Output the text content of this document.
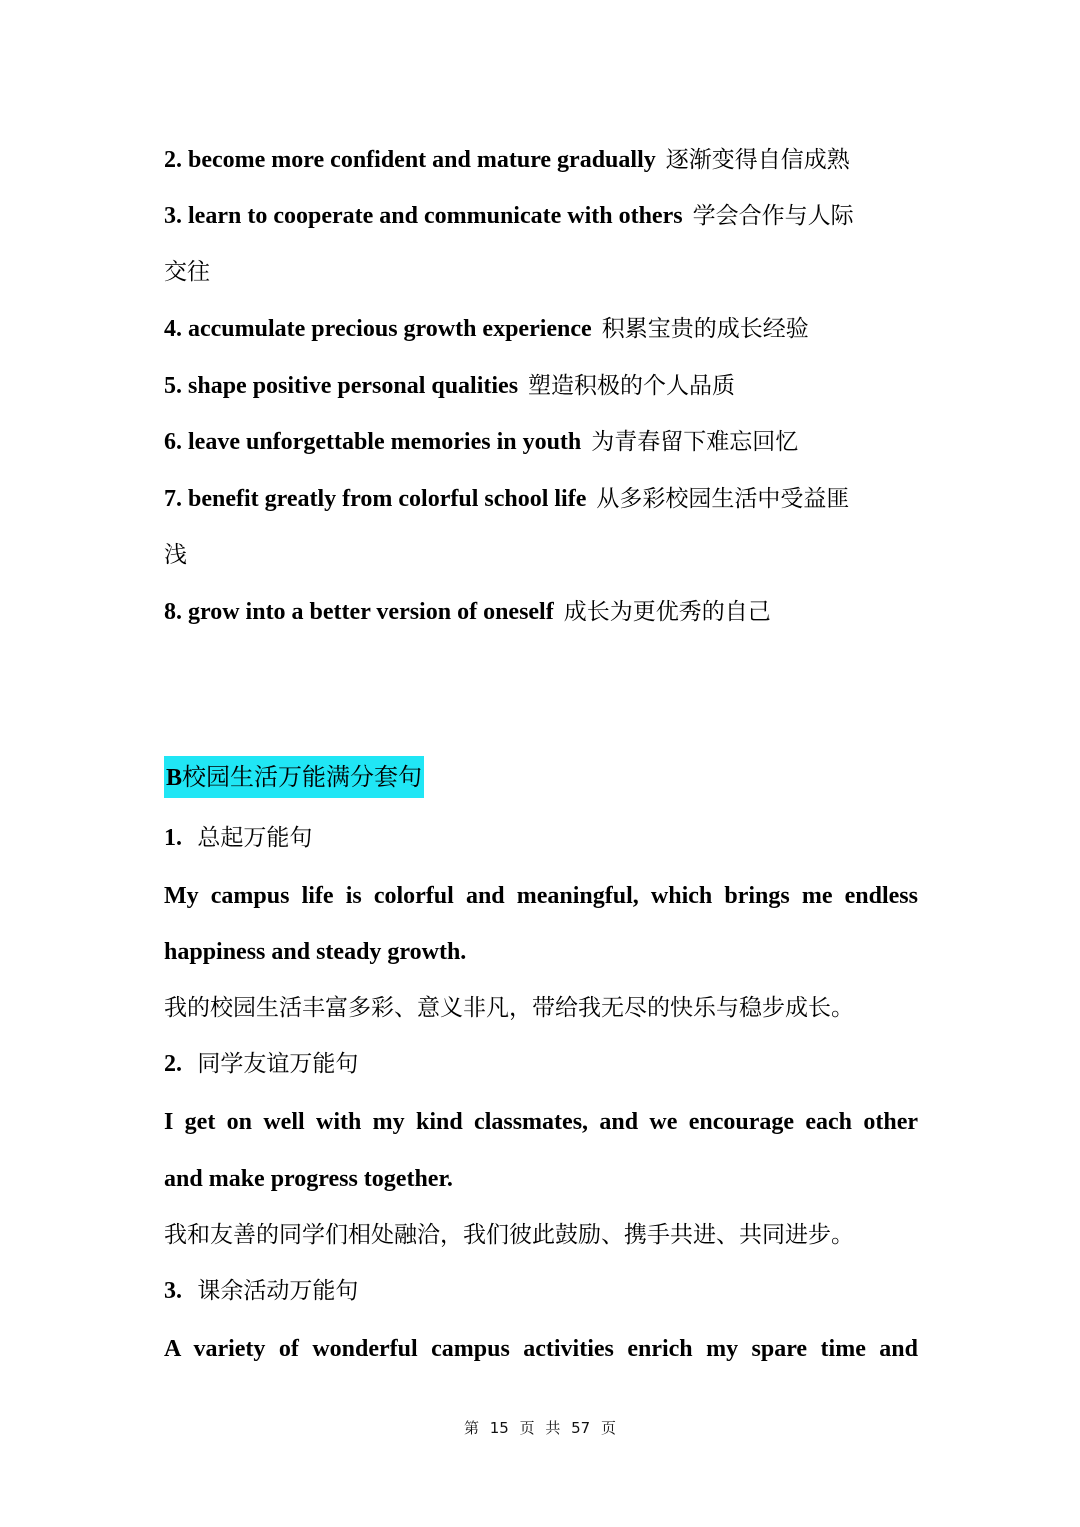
2. become more confident and mature gradually 逐渐变得自信成熟
3. learn to cooperate and communicate with others 学会合作与人际
交往
4. accumulate precious growth experience 积累宝贵的成长经验
5. shape positive personal qualities 塑造积极的个人品质
6. leave unforgettable memories in youth 为青春留下难忘回忆
7. benefit greatly from colorful school life 从多彩校园生活中受益匪
浅
8. grow into a better version of oneself 成长为更优秀的自己
B校园生活万能满分套句
1. 总起万能句
My campus life is colorful and meaningful, which brings me endless
happiness and steady growth.
我的校园生活丰富多彩、意义非凡，带给我无尽的快乐与稳步成长。
2. 同学友谊万能句
I get on well with my kind classmates, and we encourage each other
and make progress together.
我和友善的同学们相处融洽，我们彼此鼓励、携手共进、共同进步。
3. 课余活动万能句
A variety of wonderful campus activities enrich my spare time and
第 15 页 共 57 页
